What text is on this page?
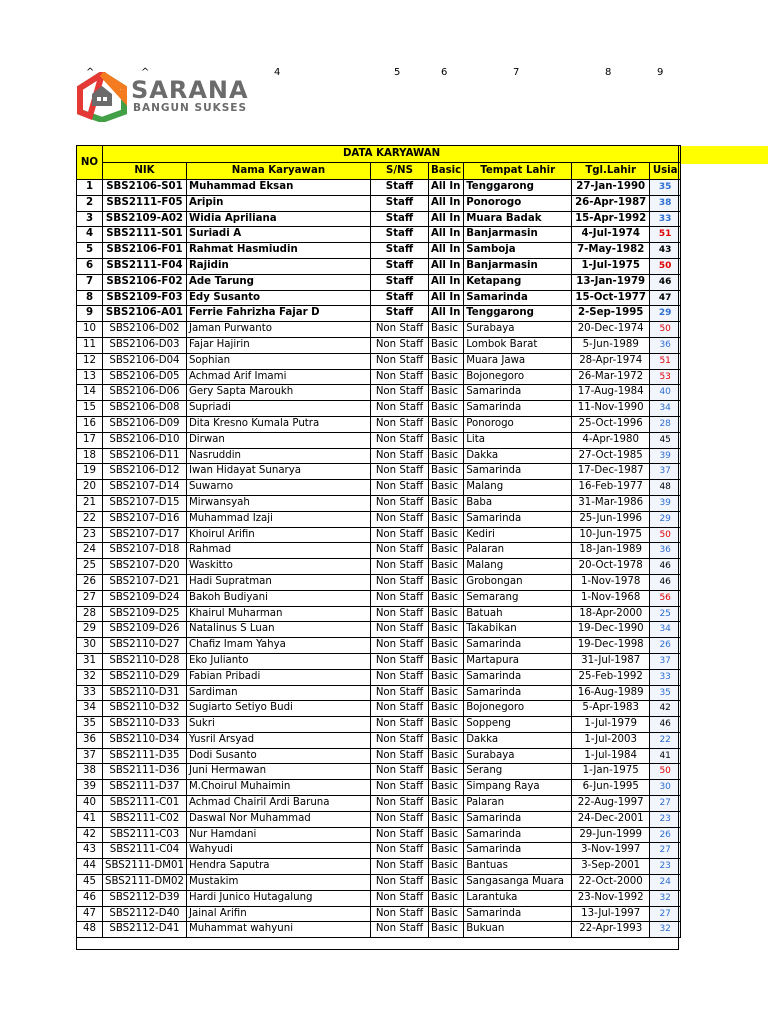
^	^	4	5	6	7	8	9
SARANA
BANGUN SUKSES
NO	DATA KARYAWAN						
	NIK	Nama Karyawan	S/NS	Basic	Tempat Lahir	Tgl.Lahir	Usia
1	SBS2106-S01	Muhammad Eksan	Staff	All In	Tenggarong	27-Jan-1990	35
2	SBS2111-F05	Aripin	Staff	All In	Ponorogo	26-Apr-1987	38
3	SBS2109-A02	Widia Apriliana	Staff	All In	Muara Badak	15-Apr-1992	33
4	SBS2111-S01	Suriadi A	Staff	All In	Banjarmasin	4-Jul-1974	51
5	SBS2106-F01	Rahmat Hasmiudin	Staff	All In	Samboja	7-May-1982	43
6	SBS2111-F04	Rajidin	Staff	All In	Banjarmasin	1-Jul-1975	50
7	SBS2106-F02	Ade Tarung	Staff	All In	Ketapang	13-Jan-1979	46
8	SBS2109-F03	Edy Susanto	Staff	All In	Samarinda	15-Oct-1977	47
9	SBS2106-A01	Ferrie Fahrizha Fajar D	Staff	All In	Tenggarong	2-Sep-1995	29
10	SBS2106-D02	Jaman Purwanto	Non Staff	Basic	Surabaya	20-Dec-1974	50
11	SBS2106-D03	Fajar Hajirin	Non Staff	Basic	Lombok Barat	5-Jun-1989	36
12	SBS2106-D04	Sophian	Non Staff	Basic	Muara Jawa	28-Apr-1974	51
13	SBS2106-D05	Achmad Arif Imami	Non Staff	Basic	Bojonegoro	26-Mar-1972	53
14	SBS2106-D06	Gery Sapta Maroukh	Non Staff	Basic	Samarinda	17-Aug-1984	40
15	SBS2106-D08	Supriadi	Non Staff	Basic	Samarinda	11-Nov-1990	34
16	SBS2106-D09	Dita Kresno Kumala Putra	Non Staff	Basic	Ponorogo	25-Oct-1996	28
17	SBS2106-D10	Dirwan	Non Staff	Basic	Lita	4-Apr-1980	45
18	SBS2106-D11	Nasruddin	Non Staff	Basic	Dakka	27-Oct-1985	39
19	SBS2106-D12	Iwan Hidayat Sunarya	Non Staff	Basic	Samarinda	17-Dec-1987	37
20	SBS2107-D14	Suwarno	Non Staff	Basic	Malang	16-Feb-1977	48
21	SBS2107-D15	Mirwansyah	Non Staff	Basic	Baba	31-Mar-1986	39
22	SBS2107-D16	Muhammad Izaji	Non Staff	Basic	Samarinda	25-Jun-1996	29
23	SBS2107-D17	Khoirul Arifin	Non Staff	Basic	Kediri	10-Jun-1975	50
24	SBS2107-D18	Rahmad	Non Staff	Basic	Palaran	18-Jan-1989	36
25	SBS2107-D20	Waskitto	Non Staff	Basic	Malang	20-Oct-1978	46
26	SBS2107-D21	Hadi Supratman	Non Staff	Basic	Grobongan	1-Nov-1978	46
27	SBS2109-D24	Bakoh Budiyani	Non Staff	Basic	Semarang	1-Nov-1968	56
28	SBS2109-D25	Khairul Muharman	Non Staff	Basic	Batuah	18-Apr-2000	25
29	SBS2109-D26	Natalinus S Luan	Non Staff	Basic	Takabikan	19-Dec-1990	34
30	SBS2110-D27	Chafiz Imam Yahya	Non Staff	Basic	Samarinda	19-Dec-1998	26
31	SBS2110-D28	Eko Julianto	Non Staff	Basic	Martapura	31-Jul-1987	37
32	SBS2110-D29	Fabian Pribadi	Non Staff	Basic	Samarinda	25-Feb-1992	33
33	SBS2110-D31	Sardiman	Non Staff	Basic	Samarinda	16-Aug-1989	35
34	SBS2110-D32	Sugiarto Setiyo Budi	Non Staff	Basic	Bojonegoro	5-Apr-1983	42
35	SBS2110-D33	Sukri	Non Staff	Basic	Soppeng	1-Jul-1979	46
36	SBS2110-D34	Yusril Arsyad	Non Staff	Basic	Dakka	1-Jul-2003	22
37	SBS2111-D35	Dodi Susanto	Non Staff	Basic	Surabaya	1-Jul-1984	41
38	SBS2111-D36	Juni Hermawan	Non Staff	Basic	Serang	1-Jan-1975	50
39	SBS2111-D37	M.Choirul Muhaimin	Non Staff	Basic	Simpang Raya	6-Jun-1995	30
40	SBS2111-C01	Achmad Chairil Ardi Baruna	Non Staff	Basic	Palaran	22-Aug-1997	27
41	SBS2111-C02	Daswal Nor Muhammad	Non Staff	Basic	Samarinda	24-Dec-2001	23
42	SBS2111-C03	Nur Hamdani	Non Staff	Basic	Samarinda	29-Jun-1999	26
43	SBS2111-C04	Wahyudi	Non Staff	Basic	Samarinda	3-Nov-1997	27
44	SBS2111-DM01	Hendra Saputra	Non Staff	Basic	Bantuas	3-Sep-2001	23
45	SBS2111-DM02	Mustakim	Non Staff	Basic	Sangasanga Muara	22-Oct-2000	24
46	SBS2112-D39	Hardi Junico Hutagalung	Non Staff	Basic	Larantuka	23-Nov-1992	32
47	SBS2112-D40	Jainal Arifin	Non Staff	Basic	Samarinda	13-Jul-1997	27
48	SBS2112-D41	Muhammat wahyuni	Non Staff	Basic	Bukuan	22-Apr-1993	32
